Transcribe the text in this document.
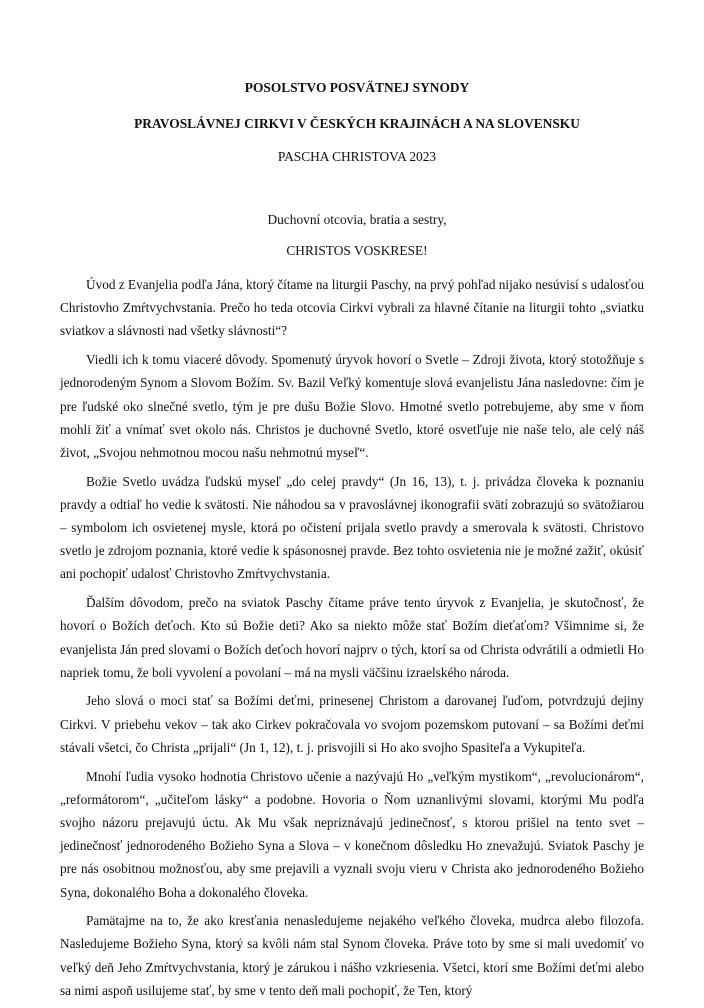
POSOLSTVO POSVÄTNEJ SYNODY
PRAVOSLÁVNEJ CIRKVI V ČESKÝCH KRAJINÁCH A NA SLOVENSKU
PASCHA CHRISTOVA 2023
Duchovní otcovia, bratia a sestry,
CHRISTOS VOSKRESE!

Úvod z Evanjelia podľa Jána, ktorý čítame na liturgii Paschy, na prvý pohľad nijako nesúvisí s udalosťou Christovho Zmŕtvychvstania. Prečo ho teda otcovia Cirkvi vybrali za hlavné čítanie na liturgii tohto „sviatku sviatkov a slávnosti nad všetky slávnosti“?

Viedli ich k tomu viaceré dôvody. Spomenutý úryvok hovorí o Svetle – Zdroji života, ktorý stotožňuje s jednorodeným Synom a Slovom Božím. Sv. Bazil Veľký komentuje slová evanjelistu Jána nasledovne: čím je pre ľudské oko slnečné svetlo, tým je pre dušu Božie Slovo. Hmotné svetlo potrebujeme, aby sme v ňom mohli žiť a vnímať svet okolo nás. Christos je duchovné Svetlo, ktoré osvetľuje nie naše telo, ale celý náš život, „Svojou nehmotnou mocou našu nehmotnú myseľ“.

Božie Svetlo uvádza ľudskú myseľ „do celej pravdy“ (Jn 16, 13), t. j. privádza človeka k poznaniu pravdy a odtiaľ ho vedie k svätosti. Nie náhodou sa v pravoslávnej ikonografii svätí zobrazujú so svätožiarou – symbolom ich osvietenej mysle, ktorá po očistení prijala svetlo pravdy a smerovala k svätosti. Christovo svetlo je zdrojom poznania, ktoré vedie k spásonosnej pravde. Bez tohto osvietenia nie je možné zažiť, okúsiť ani pochopiť udalosť Christovho Zmŕtvychvstania.

Ďalším dôvodom, prečo na sviatok Paschy čítame práve tento úryvok z Evanjelia, je skutočnosť, že hovorí o Božích deťoch. Kto sú Božie deti? Ako sa niekto môže stať Božím dieťaťom? Všimnime si, že evanjelista Ján pred slovami o Božích deťoch hovorí najprv o tých, ktorí sa od Christa odvrátili a odmietli Ho napriek tomu, že boli vyvolení a povolaní – má na mysli väčšinu izraelského národa.

Jeho slová o moci stať sa Božími deťmi, prinesenej Christom a darovanej ľuďom, potvrdzujú dejiny Cirkvi. V priebehu vekov – tak ako Cirkev pokračovala vo svojom pozemskom putovaní – sa Božími deťmi stávali všetci, čo Christa „prijali“ (Jn 1, 12), t. j. prisvojili si Ho ako svojho Spasiteľa a Vykupiteľa.

Mnohí ľudia vysoko hodnotia Christovo učenie a nazývajú Ho „veľkým mystikom“, „revolucionárom“, „reformátorom“, „učiteľom lásky“ a podobne. Hovoria o Ňom uznanlivými slovami, ktorými Mu podľa svojho názoru prejavujú úctu. Ak Mu však nepriznávajú jedinečnosť, s ktorou prišiel na tento svet – jedinečnosť jednorodeného Božieho Syna a Slova – v konečnom dôsledku Ho znevažujú. Sviatok Paschy je pre nás osobitnou možnosťou, aby sme prejavili a vyznali svoju vieru v Christa ako jednorodeného Božieho Syna, dokonalého Boha a dokonalého človeka.

Pamätajme na to, že ako kresťania nenasledujeme nejakého veľkého človeka, mudrca alebo filozofa. Nasledujeme Božieho Syna, ktorý sa kvôli nám stal Synom človeka. Práve toto by sme si mali uvedomiť vo veľký deň Jeho Zmŕtvychvstania, ktorý je zárukou i nášho vzkriesenia. Všetci, ktorí sme Božími deťmi alebo sa nimi aspoň usilujeme stať, by sme v tento deň mali pochopiť, že Ten, ktorý
